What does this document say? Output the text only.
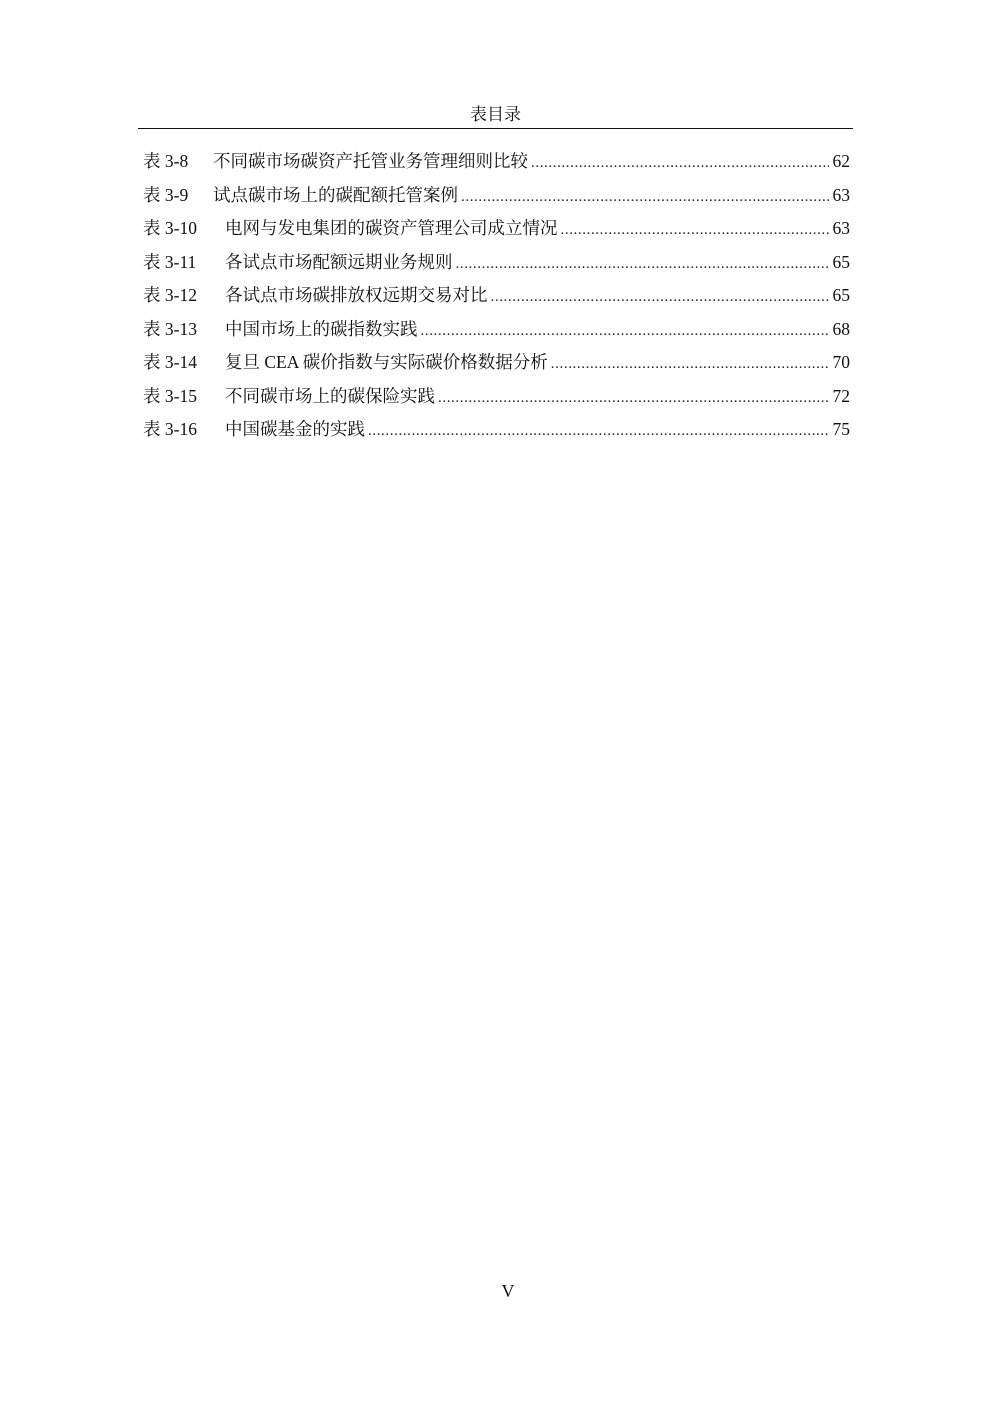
表目录
表 3-8	不同碳市场碳资产托管业务管理细则比较 .....	62
表 3-9	试点碳市场上的碳配额托管案例 .....	63
表 3-10	电网与发电集团的碳资产管理公司成立情况 .....	63
表 3-11	各试点市场配额远期业务规则 .....	65
表 3-12	各试点市场碳排放权远期交易对比 .....	65
表 3-13	中国市场上的碳指数实践 .....	68
表 3-14	复旦 CEA 碳价指数与实际碳价格数据分析 .....	70
表 3-15	不同碳市场上的碳保险实践 .....	72
表 3-16	中国碳基金的实践 .....	75
V
